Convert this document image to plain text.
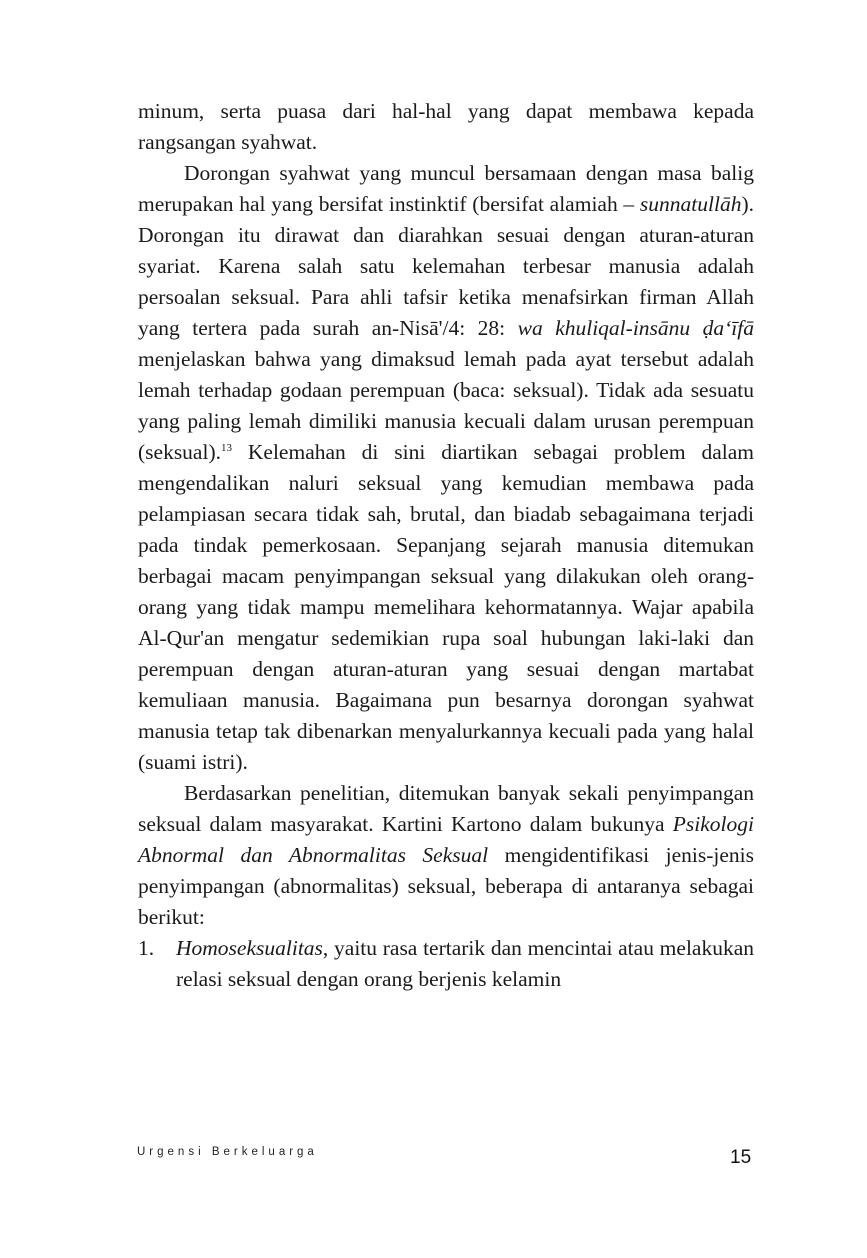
minum, serta puasa dari hal-hal yang dapat membawa kepada rangsangan syahwat.

Dorongan syahwat yang muncul bersamaan dengan masa balig merupakan hal yang bersifat instinktif (bersifat alamiah – sunnatullāh). Dorongan itu dirawat dan diarahkan sesuai dengan aturan-aturan syariat. Karena salah satu kelemahan terbesar manusia adalah persoalan seksual. Para ahli tafsir ketika menafsirkan firman Allah yang tertera pada surah an-Nisā'/4: 28: wa khuliqal-insānu ḍa‘īfā menjelaskan bahwa yang dimaksud lemah pada ayat tersebut adalah lemah terhadap godaan perempuan (baca: seksual). Tidak ada sesuatu yang paling lemah dimiliki manusia kecuali dalam urusan perempuan (seksual).$^{13}$ Kelemahan di sini diartikan sebagai problem dalam mengendalikan naluri seksual yang kemudian membawa pada pelampiasan secara tidak sah, brutal, dan biadab sebagaimana terjadi pada tindak pemerkosaan. Sepanjang sejarah manusia ditemukan berbagai macam penyimpangan seksual yang dilakukan oleh orang-orang yang tidak mampu memelihara kehormatannya. Wajar apabila Al-Qur'an mengatur sedemikian rupa soal hubungan laki-laki dan perempuan dengan aturan-aturan yang sesuai dengan martabat kemuliaan manusia. Bagaimana pun besarnya dorongan syahwat manusia tetap tak dibenarkan menyalurkannya kecuali pada yang halal (suami istri).

Berdasarkan penelitian, ditemukan banyak sekali penyimpangan seksual dalam masyarakat. Kartini Kartono dalam bukunya Psikologi Abnormal dan Abnormalitas Seksual mengidentifikasi jenis-jenis penyimpangan (abnormalitas) seksual, beberapa di antaranya sebagai berikut:

1. Homoseksualitas, yaitu rasa tertarik dan mencintai atau melakukan relasi seksual dengan orang berjenis kelamin

Urgensi Berkeluarga	15
